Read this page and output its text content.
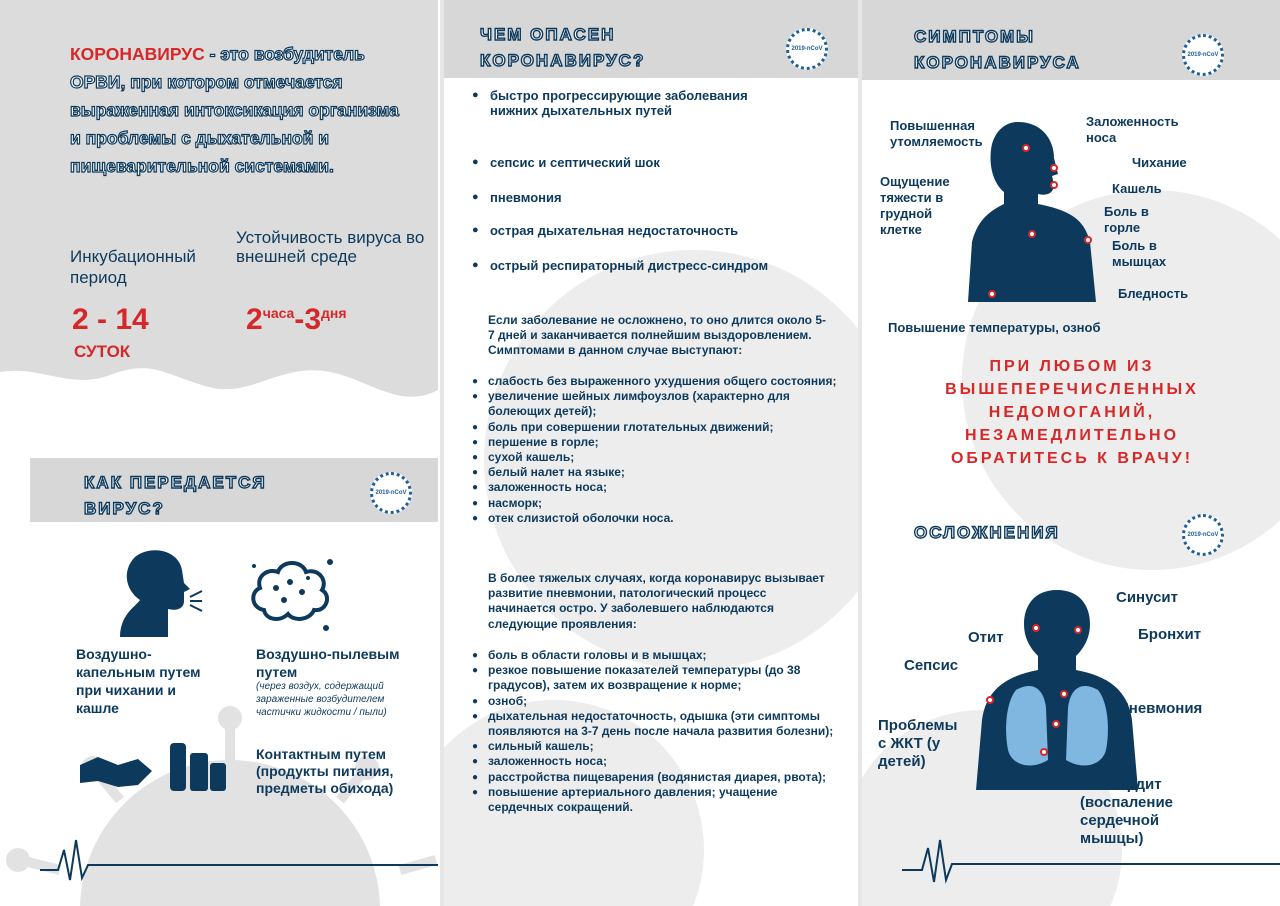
КОРОНАВИРУС - это возбудитель ОРВИ, при котором отмечается выраженная интоксикация организма и проблемы с дыхательной и пищеварительной системами.
Инкубационный период
2 - 14
СУТОК
Устойчивость вируса во внешней среде
$2^{часа}-3^{дня}$
КАК ПЕРЕДАЕТСЯ ВИРУС?
2019-nCoV
Воздушно-капельным путем при чихании и кашле
Воздушно-пылевым путем
(через воздух, содержащий зараженные возбудителем частички жидкости / пыли)
Контактным путем (продукты питания, предметы обихода)
ЧЕМ ОПАСЕН КОРОНАВИРУС?
2019-nCoV
● быстро прогрессирующие заболевания нижних дыхательных путей
● сепсис и септический шок
● пневмония
● острая дыхательная недостаточность
● острый респираторный дистресс-синдром
Если заболевание не осложнено, то оно длится около 5-7 дней и заканчивается полнейшим выздоровлением. Симптомами в данном случае выступают:
● слабость без выраженного ухудшения общего состояния;
● увеличение шейных лимфоузлов (характерно для болеющих детей);
● боль при совершении глотательных движений;
● першение в горле;
● сухой кашель;
● белый налет на языке;
● заложенность носа;
● насморк;
● отек слизистой оболочки носа.
В более тяжелых случаях, когда коронавирус вызывает развитие пневмонии, патологический процесс начинается остро. У заболевшего наблюдаются следующие проявления:
● боль в области головы и в мышцах;
● резкое повышение показателей температуры (до 38 градусов), затем их возвращение к норме;
● озноб;
● дыхательная недостаточность, одышка (эти симптомы появляются на 3-7 день после начала развития болезни);
● сильный кашель;
● заложенность носа;
● расстройства пищеварения (водянистая диарея, рвота);
● повышение артериального давления; учащение сердечных сокращений.
СИМПТОМЫ КОРОНАВИРУСА	2019-nCoV
Повышенная утомляемость
Заложенность носа
Чихание
Кашель
Ощущение тяжести в грудной клетке
Боль в горле
Боль в мышцах
Бледность
Повышение температуры, озноб
ПРИ ЛЮБОМ ИЗ ВЫШЕПЕРЕЧИСЛЕННЫХ НЕДОМОГАНИЙ, НЕЗАМЕДЛИТЕЛЬНО ОБРАТИТЕСЬ К ВРАЧУ!
ОСЛОЖНЕНИЯ	2019-nCoV
Синусит
Отит	Бронхит
Сепсис
Пневмония
Проблемы с ЖКТ (у детей)
Миокардит (воспаление сердечной мышцы)
